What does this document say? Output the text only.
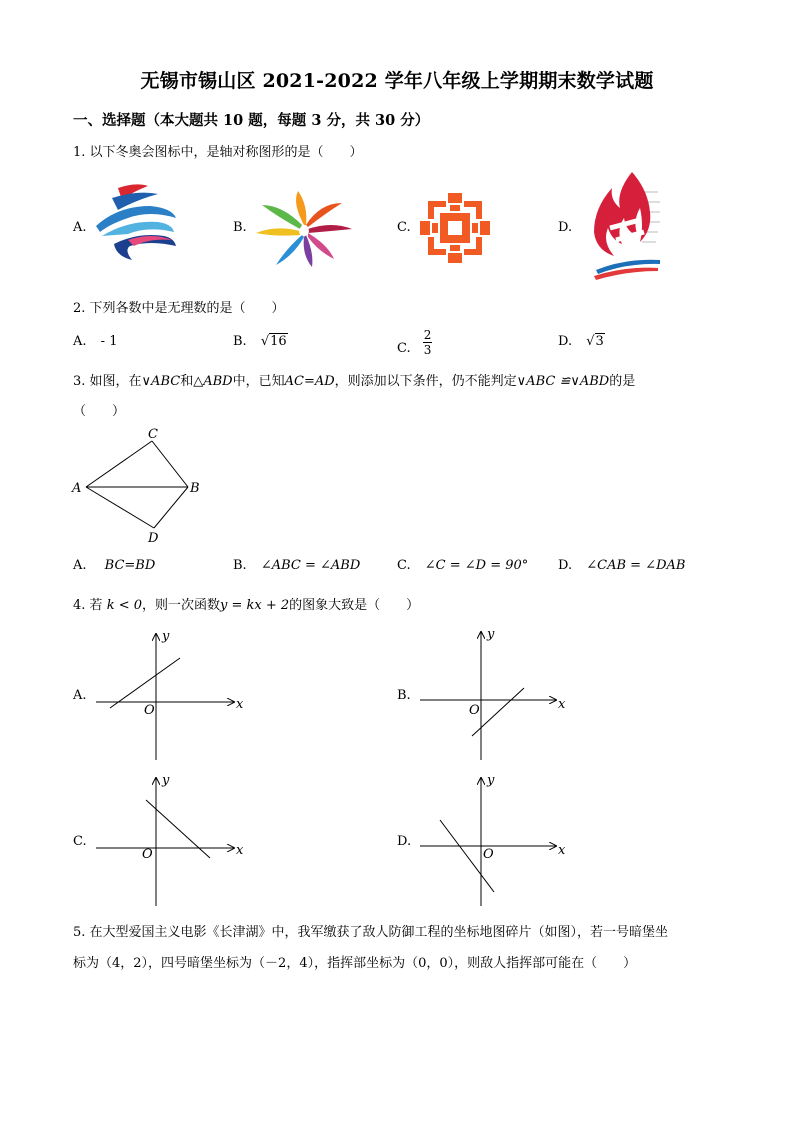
无锡市锡山区 2021-2022 学年八年级上学期期末数学试题
一、选择题（本大题共 10 题，每题 3 分，共 30 分）
1. 以下冬奥会图标中，是轴对称图形的是（　　）
A.	B.	C.	D.
2. 下列各数中是无理数的是（　　）
A. - 1	B. √16	C. $\frac{2}{3}$	D. √3
3. 如图，在∨ABC和△ABD中，已知AC=AD，则添加以下条件，仍不能判定∨ABC ≌∨ABD的是
（　　）
A	B
C
D
A. BC=BD	B. ∠ABC = ∠ABD	C. ∠C = ∠D = 90° D. ∠CAB = ∠DAB
4. 若 k < 0，则一次函数y = kx + 2的图象大致是（　　）
A.
x
y
O
B.
x
y
O
C.
x
y
O
D.
x
y
O
5. 在大型爱国主义电影《长津湖》中，我军缴获了敌人防御工程的坐标地图碎片（如图），若一号暗堡坐
标为（4，2），四号暗堡坐标为（－2，4），指挥部坐标为（0，0），则敌人指挥部可能在（　　）
